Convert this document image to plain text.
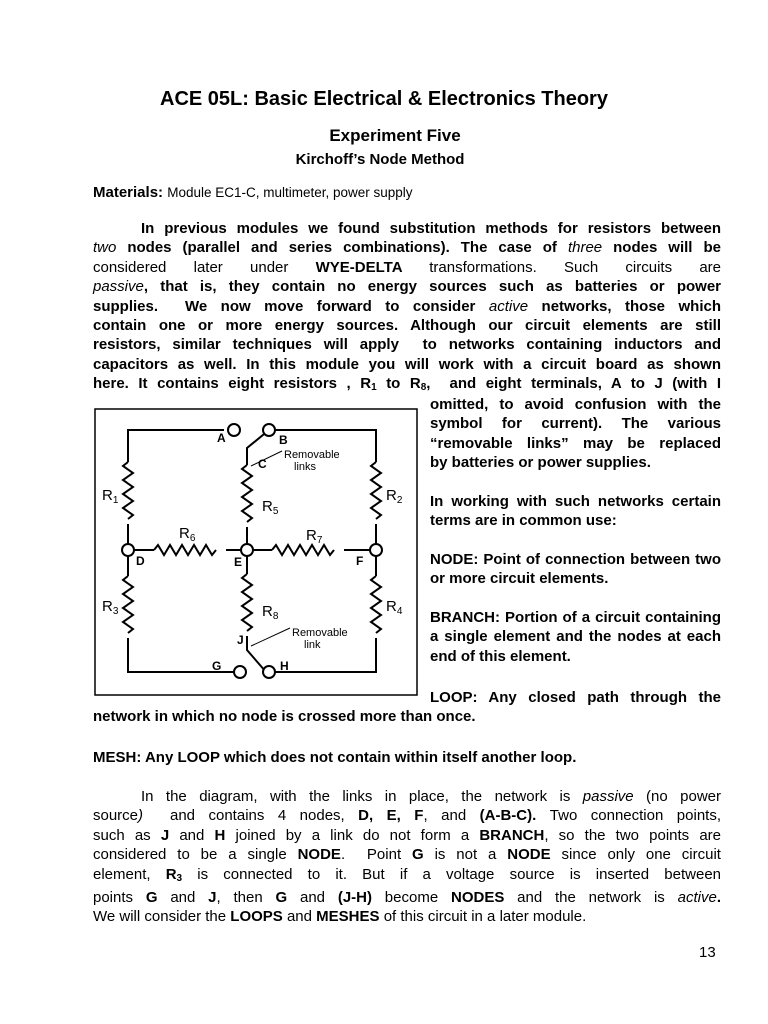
ACE 05L: Basic Electrical & Electronics Theory
Experiment Five
Kirchoff’s Node Method
Materials: Module EC1-C, multimeter, power supply
In previous modules we found substitution methods for resistors between
two nodes (parallel and series combinations). The case of three nodes will be
considered later under WYE-DELTA transformations. Such circuits are
passive, that is, they contain no energy sources such as batteries or power
supplies.  We now move forward to consider active networks, those which
contain one or more energy sources. Although our circuit elements are still
resistors, similar techniques will apply  to networks containing inductors and
capacitors as well. In this module you will work with a circuit board as shown
here. It contains eight resistors , $R_1$ to $R_8$,  and eight terminals, A to J (with I
omitted, to avoid confusion with the
symbol for current). The various
“removable links” may be replaced
by batteries or power supplies.
In working with such networks certain terms are in common use:
NODE: Point of connection between two or more circuit elements.
BRANCH: Portion of a circuit containing a single element and the nodes at each end of this element.
LOOP: Any closed path through the
network in which no node is crossed more than once.
MESH: Any LOOP which does not contain within itself another loop.
In the diagram, with the links in place, the network is passive (no power
source)  and contains 4 nodes, D, E, F, and (A-B-C). Two connection points,
such as J and H joined by a link do not form a BRANCH, so the two points are
considered to be a single NODE.  Point G is not a NODE since only one circuit
element, $R_3$ is connected to it. But if a voltage source is inserted between
points G and J, then G and (J-H) become NODES and the network is active.
We will consider the LOOPS and MESHES of this circuit in a later module.
13
A	B
C
D	E	F
G	H
J
Removable
links
Removable
link
$R_1$	$R_2$
$R_3$	$R_4$
$R_5$
$R_6$	$R_7$
$R_8$
